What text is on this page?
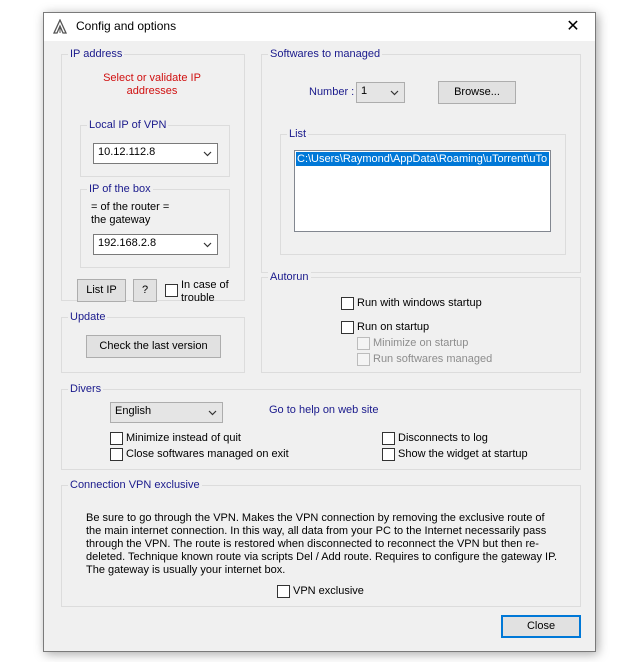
Config and options	✕
IP address
Select or validate IP addresses
Local IP of VPN
10.12.112.8
IP of the box
= of the router =
the gateway
192.168.2.8
List IP	?	In case of
trouble
Softwares to managed
Number : 1	Browse...
List
C:\Users\Raymond\AppData\Roaming\uTorrent\uTo
Update
Check the last version
Autorun
Run with windows startup
Run on startup
Minimize on startup
Run softwares managed
Divers
English	Go to help on web site
Minimize instead of quit
Close softwares managed on exit
Disconnects to log
Show the widget at startup
Connection VPN exclusive
Be sure to go through the VPN. Makes the VPN connection by removing the exclusive route of the main internet connection. In this way, all data from your PC to the Internet necessarily pass through the VPN. The route is restored when disconnected to reconnect the VPN but then re-deleted. Technique known route via scripts Del / Add route. Requires to configure the gateway IP. The gateway is usually your internet box.
VPN exclusive
Close
